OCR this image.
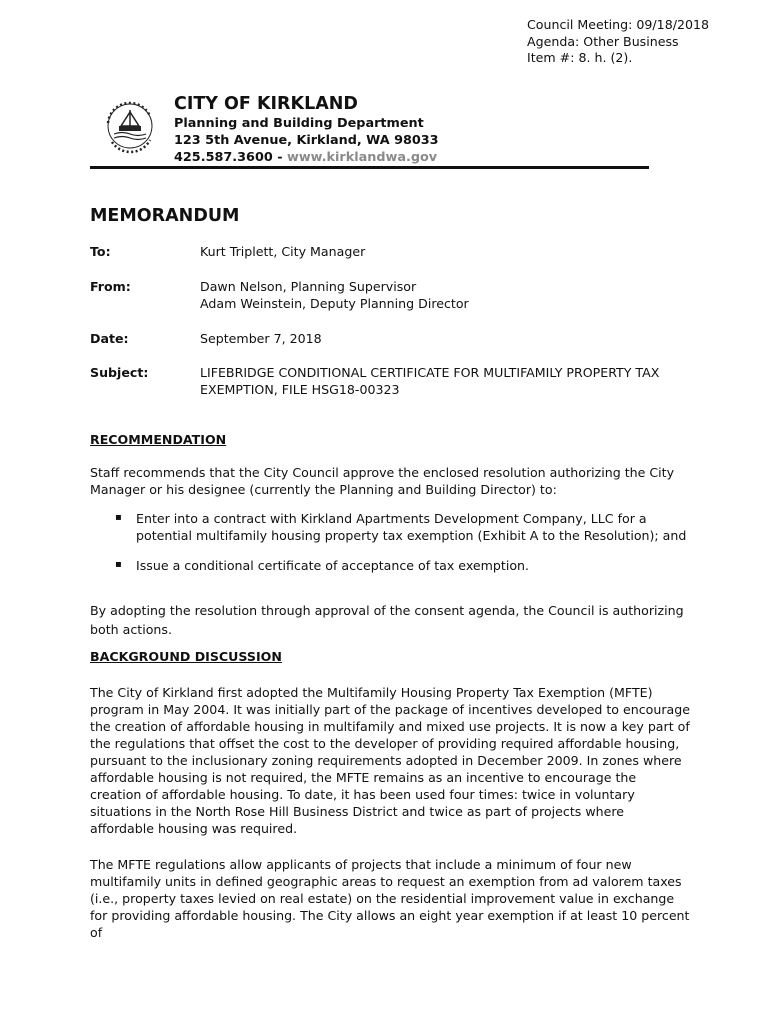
Council Meeting: 09/18/2018
Agenda: Other Business
Item #: 8. h. (2).
CITY OF KIRKLAND
Planning and Building Department
123 5th Avenue, Kirkland, WA 98033
425.587.3600 - www.kirklandwa.gov
MEMORANDUM
To:	Kurt Triplett, City Manager
From:	Dawn Nelson, Planning Supervisor
Adam Weinstein, Deputy Planning Director
Date:	September 7, 2018
Subject:	LIFEBRIDGE CONDITIONAL CERTIFICATE FOR MULTIFAMILY PROPERTY TAX EXEMPTION, FILE HSG18-00323
RECOMMENDATION

Staff recommends that the City Council approve the enclosed resolution authorizing the City Manager or his designee (currently the Planning and Building Director) to:

▪ Enter into a contract with Kirkland Apartments Development Company, LLC for a potential multifamily housing property tax exemption (Exhibit A to the Resolution); and

▪ Issue a conditional certificate of acceptance of tax exemption.

By adopting the resolution through approval of the consent agenda, the Council is authorizing both actions.

BACKGROUND DISCUSSION

The City of Kirkland first adopted the Multifamily Housing Property Tax Exemption (MFTE) program in May 2004. It was initially part of the package of incentives developed to encourage the creation of affordable housing in multifamily and mixed use projects. It is now a key part of the regulations that offset the cost to the developer of providing required affordable housing, pursuant to the inclusionary zoning requirements adopted in December 2009. In zones where affordable housing is not required, the MFTE remains as an incentive to encourage the creation of affordable housing. To date, it has been used four times: twice in voluntary situations in the North Rose Hill Business District and twice as part of projects where affordable housing was required.

The MFTE regulations allow applicants of projects that include a minimum of four new multifamily units in defined geographic areas to request an exemption from ad valorem taxes (i.e., property taxes levied on real estate) on the residential improvement value in exchange for providing affordable housing. The City allows an eight year exemption if at least 10 percent of
